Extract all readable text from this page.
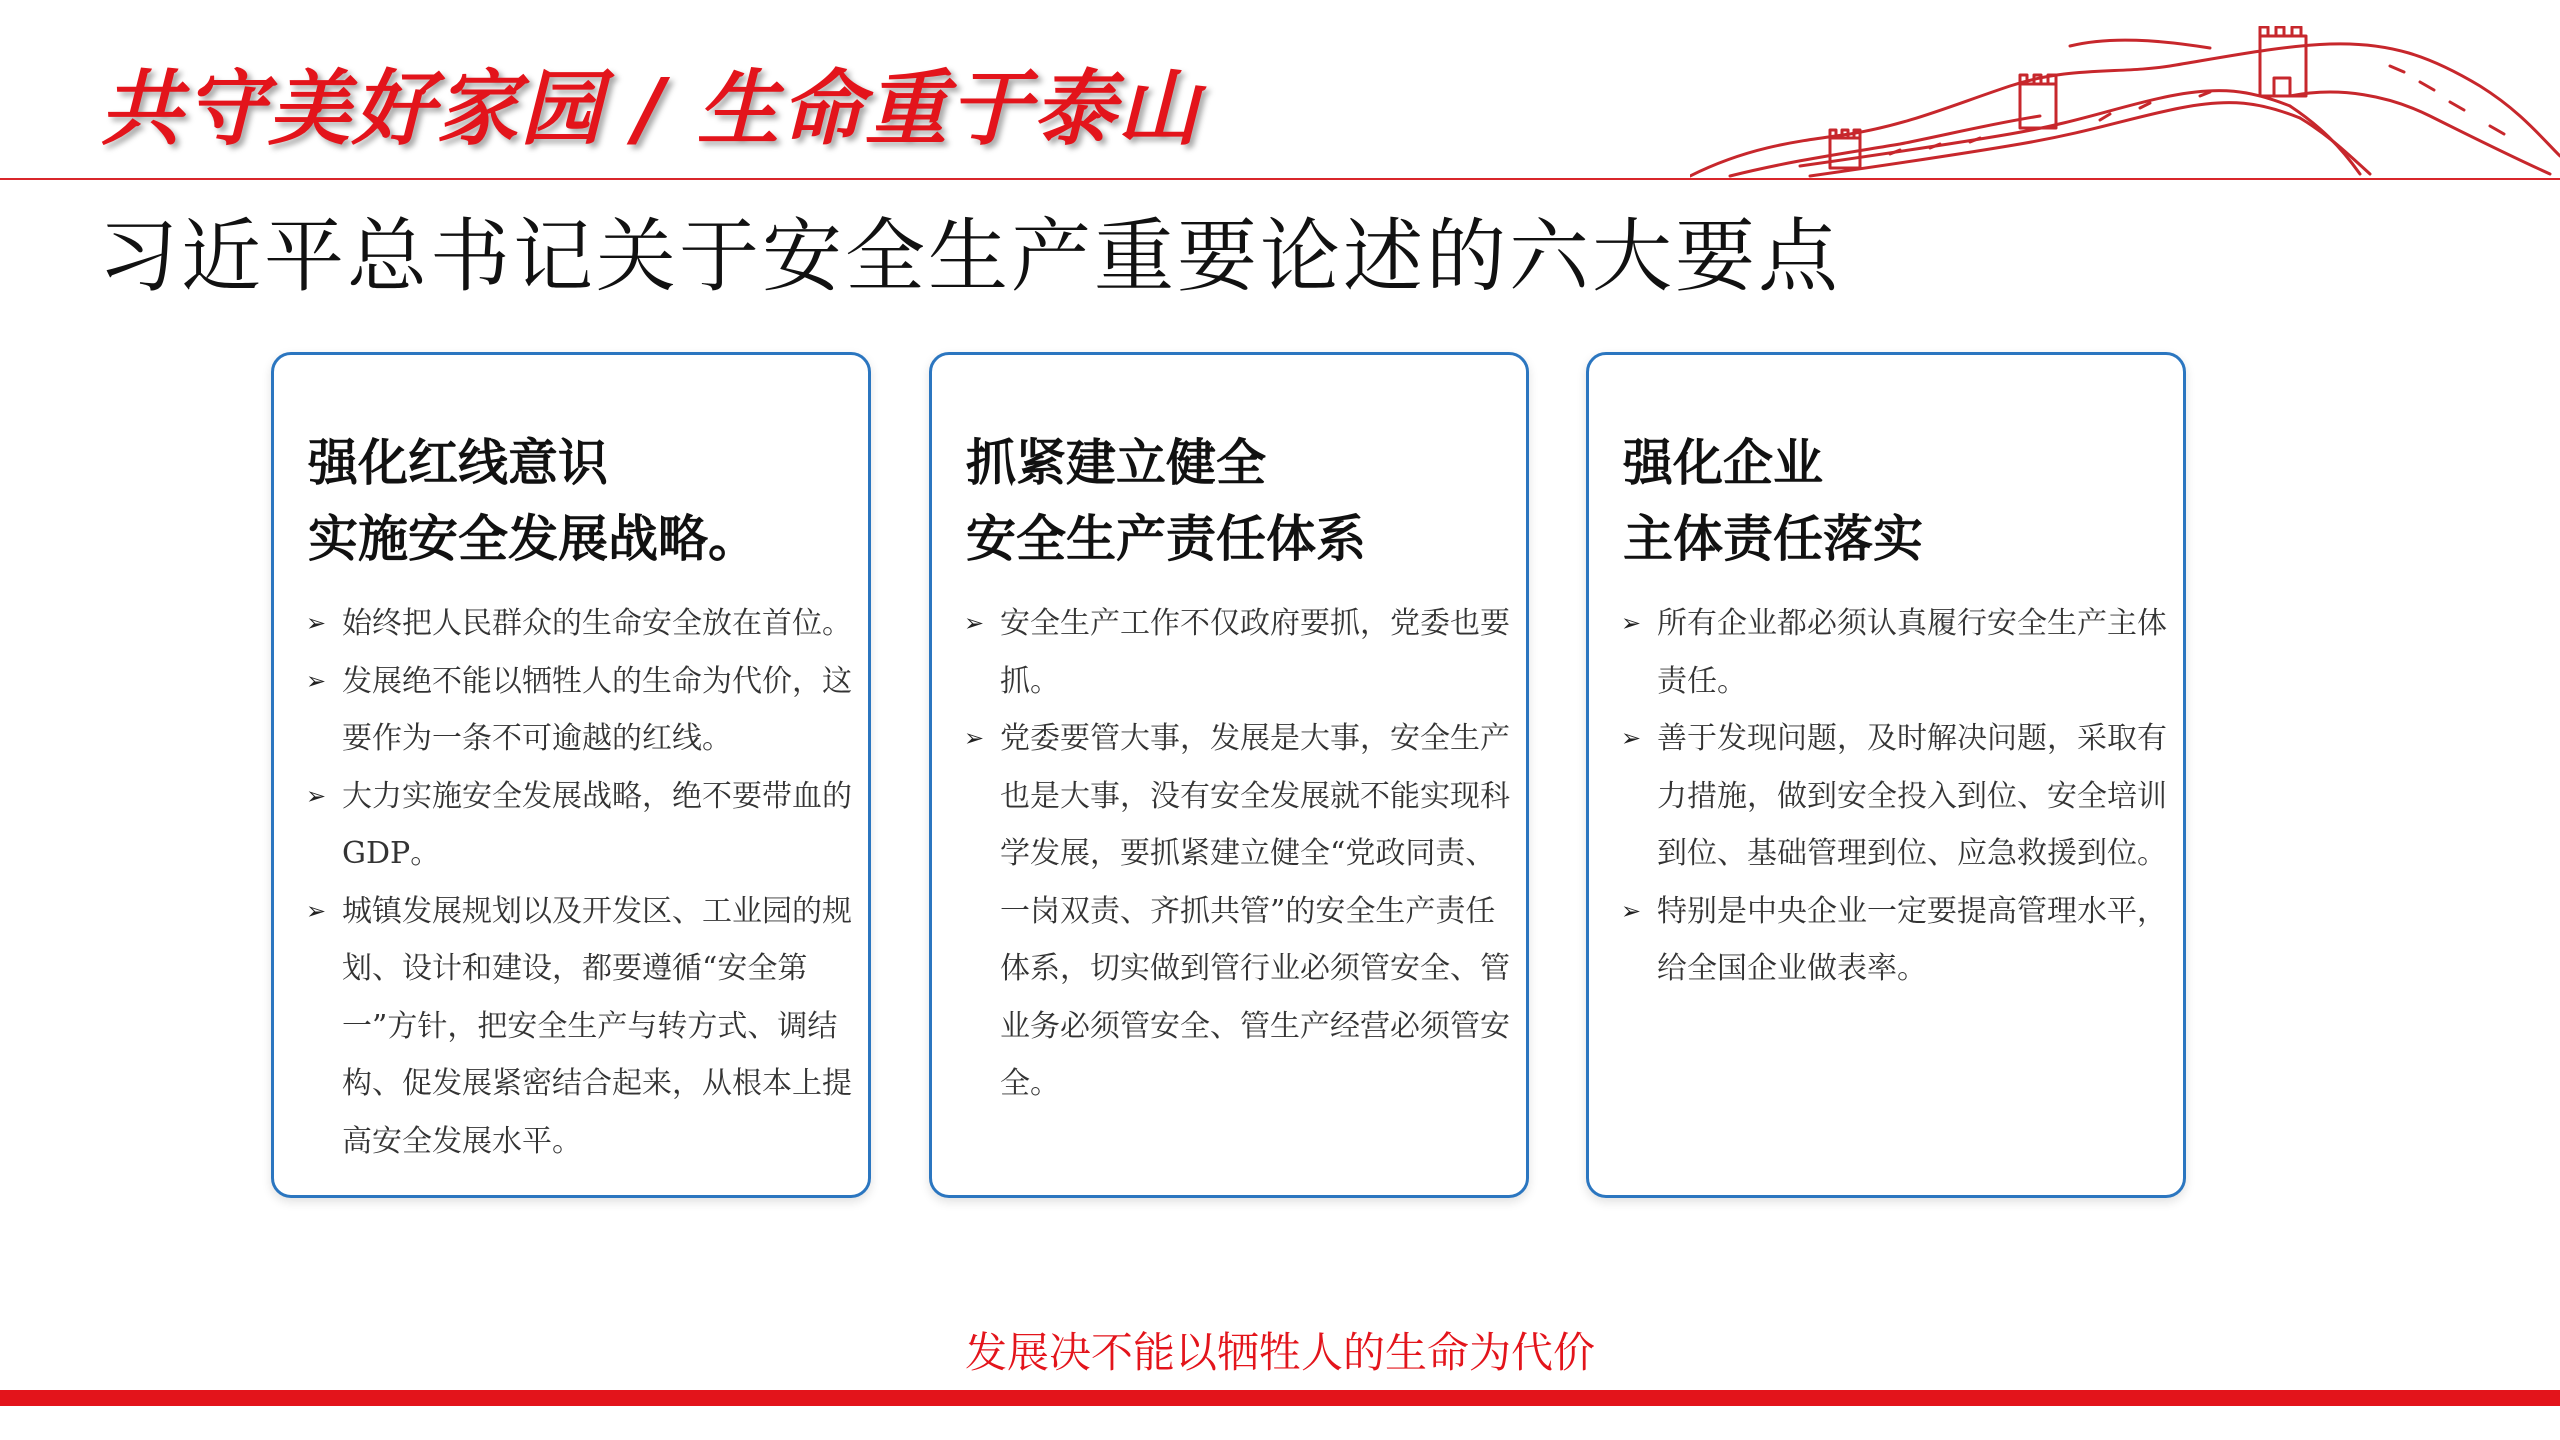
共守美好家园 / 生命重于泰山
习近平总书记关于安全生产重要论述的六大要点
强化红线意识
实施安全发展战略。
➢ 始终把人民群众的生命安全放在首位。
➢ 发展绝不能以牺牲人的生命为代价，这要作为一条不可逾越的红线。
➢ 大力实施安全发展战略，绝不要带血的GDP。
➢ 城镇发展规划以及开发区、工业园的规划、设计和建设，都要遵循“安全第一”方针，把安全生产与转方式、调结构、促发展紧密结合起来，从根本上提高安全发展水平。
抓紧建立健全
安全生产责任体系
➢ 安全生产工作不仅政府要抓，党委也要抓。
➢ 党委要管大事，发展是大事，安全生产也是大事，没有安全发展就不能实现科学发展，要抓紧建立健全“党政同责、一岗双责、齐抓共管”的安全生产责任体系，切实做到管行业必须管安全、管业务必须管安全、管生产经营必须管安全。
强化企业
主体责任落实
➢ 所有企业都必须认真履行安全生产主体责任。
➢ 善于发现问题，及时解决问题，采取有力措施，做到安全投入到位、安全培训到位、基础管理到位、应急救援到位。
➢ 特别是中央企业一定要提高管理水平，给全国企业做表率。
发展决不能以牺牲人的生命为代价
